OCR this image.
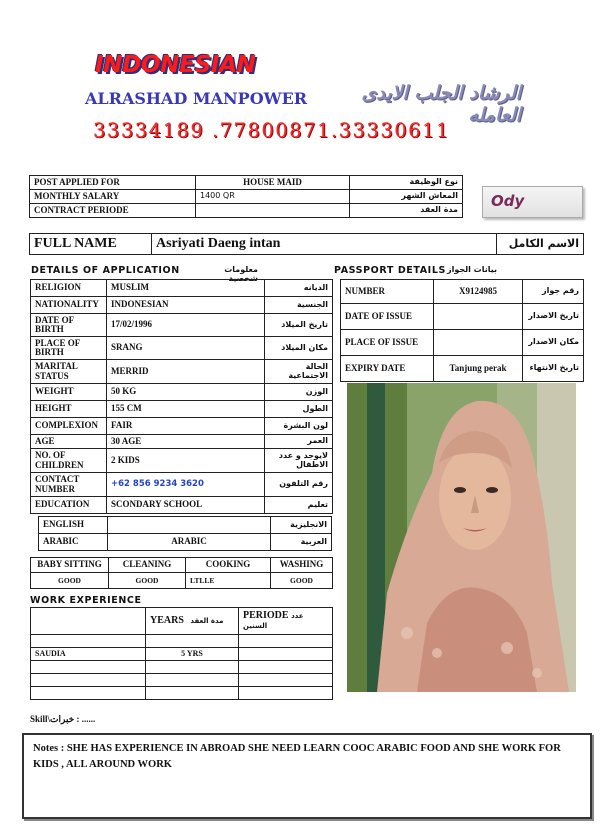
INDONESIAN
ALRASHAD MANPOWER	الرشاد الجلب الايدى العامله
33334189 .77800871.33330611
POST APPLIED FOR	HOUSE MAID	نوع الوظيفة
MONTHLY SALARY	1400 QR	المعاش الشهر
CONTRACT PERIODE		مدة العقد Ody
FULL NAME	Asriyati Daeng intan	الاسم الكامل
DETAILS OF APPLICATION	معلومات شخصية
PASSPORT DETAILS بيانات الجواز
RELIGION	MUSLIM	الديانه
NATIONALITY	INDONESIAN	الجنسية
DATE OF BIRTH	17/02/1996	تاريخ الميلاد
PLACE OF BIRTH	SRANG	مكان الميلاد
MARITAL STATUS	MERRID	الحالة الاجتماعية
WEIGHT	50 KG	الوزن
HEIGHT	155 CM	الطول
COMPLEXION	FAIR	لون البشرة
AGE	30 AGE	العمر
NO. OF CHILDREN	2 KIDS	لايوجد و عدد الاطفال
CONTACT NUMBER	+62 856 9234 3620	رقم التلفون
EDUCATION	SCONDARY SCHOOL	تعليم
ENGLISH		الانجليزية
ARABIC	ARABIC	العربية
NUMBER	X9124985	رقم جواز
DATE OF ISSUE		تاريخ الاصدار
PLACE OF ISSUE		مكان الاصدار
EXPIRY DATE	Tanjung perak	تاريخ الانتهاء
BABY SITTING	CLEANING	COOKING	WASHING
GOOD	GOOD	LTLLE	GOOD
WORK EXPERIENCE
	YEARS مدة العقد	PERIODE عدد السنين

SAUDIA	5 YRS	

Skill\خبرات : ......
Notes : SHE HAS EXPERIENCE IN ABROAD SHE NEED LEARN COOC ARABIC FOOD AND SHE WORK FOR KIDS , ALL AROUND WORK
